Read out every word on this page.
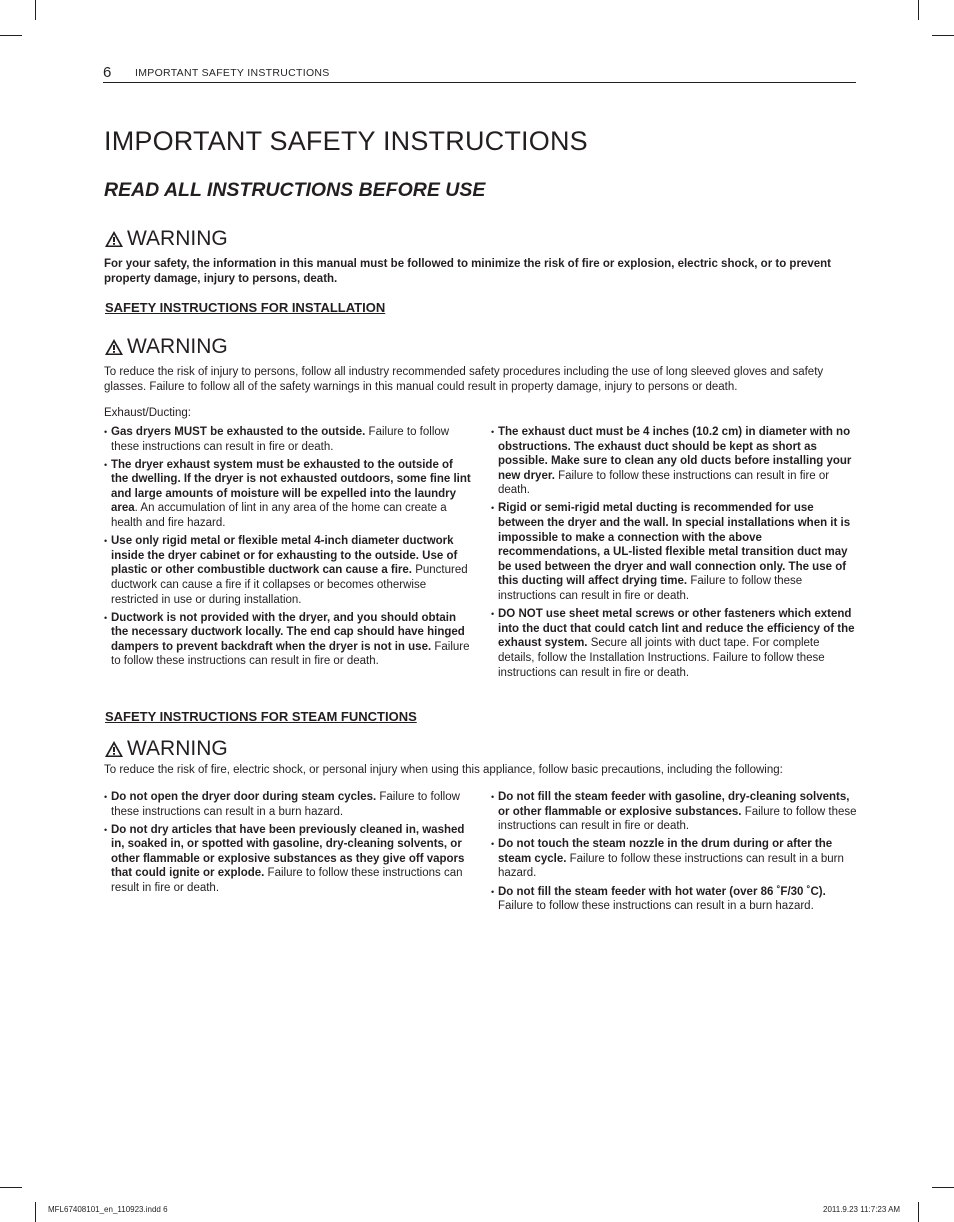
6 IMPORTANT SAFETY INSTRUCTIONS
IMPORTANT SAFETY INSTRUCTIONS
READ ALL INSTRUCTIONS BEFORE USE
WARNING

For your safety, the information in this manual must be followed to minimize the risk of fire or explosion, electric shock, or to prevent property damage, injury to persons, death.

SAFETY INSTRUCTIONS FOR INSTALLATION
WARNING

To reduce the risk of injury to persons, follow all industry recommended safety procedures including the use of long sleeved gloves and safety glasses. Failure to follow all of the safety warnings in this manual could result in property damage, injury to persons or death.

Exhaust/Ducting:

• Gas dryers MUST be exhausted to the outside. Failure to follow these instructions can result in fire or death.
• The dryer exhaust system must be exhausted to the outside of the dwelling. If the dryer is not exhausted outdoors, some fine lint and large amounts of moisture will be expelled into the laundry area. An accumulation of lint in any area of the home can create a health and fire hazard.
• Use only rigid metal or flexible metal 4-inch diameter ductwork inside the dryer cabinet or for exhausting to the outside. Use of plastic or other combustible ductwork can cause a fire. Punctured ductwork can cause a fire if it collapses or becomes otherwise restricted in use or during installation.
• Ductwork is not provided with the dryer, and you should obtain the necessary ductwork locally. The end cap should have hinged dampers to prevent backdraft when the dryer is not in use. Failure to follow these instructions can result in fire or death.
• The exhaust duct must be 4 inches (10.2 cm) in diameter with no obstructions. The exhaust duct should be kept as short as possible. Make sure to clean any old ducts before installing your new dryer. Failure to follow these instructions can result in fire or death.
• Rigid or semi-rigid metal ducting is recommended for use between the dryer and the wall. In special installations when it is impossible to make a connection with the above recommendations, a UL-listed flexible metal transition duct may be used between the dryer and wall connection only. The use of this ducting will affect drying time. Failure to follow these instructions can result in fire or death.
• DO NOT use sheet metal screws or other fasteners which extend into the duct that could catch lint and reduce the efficiency of the exhaust system. Secure all joints with duct tape. For complete details, follow the Installation Instructions. Failure to follow these instructions can result in fire or death.
SAFETY INSTRUCTIONS FOR STEAM FUNCTIONS
WARNING

To reduce the risk of fire, electric shock, or personal injury when using this appliance, follow basic precautions, including the following:

• Do not open the dryer door during steam cycles. Failure to follow these instructions can result in a burn hazard.
• Do not dry articles that have been previously cleaned in, washed in, soaked in, or spotted with gasoline, dry-cleaning solvents, or other flammable or explosive substances as they give off vapors that could ignite or explode. Failure to follow these instructions can result in fire or death.
• Do not fill the steam feeder with gasoline, dry-cleaning solvents, or other flammable or explosive substances. Failure to follow these instructions can result in fire or death.
• Do not touch the steam nozzle in the drum during or after the steam cycle. Failure to follow these instructions can result in a burn hazard.
• Do not fill the steam feeder with hot water (over 86 ˚F/30 ˚C). Failure to follow these instructions can result in a burn hazard.
MFL67408101_en_110923.indd 6	2011.9.23 11:7:23 AM
